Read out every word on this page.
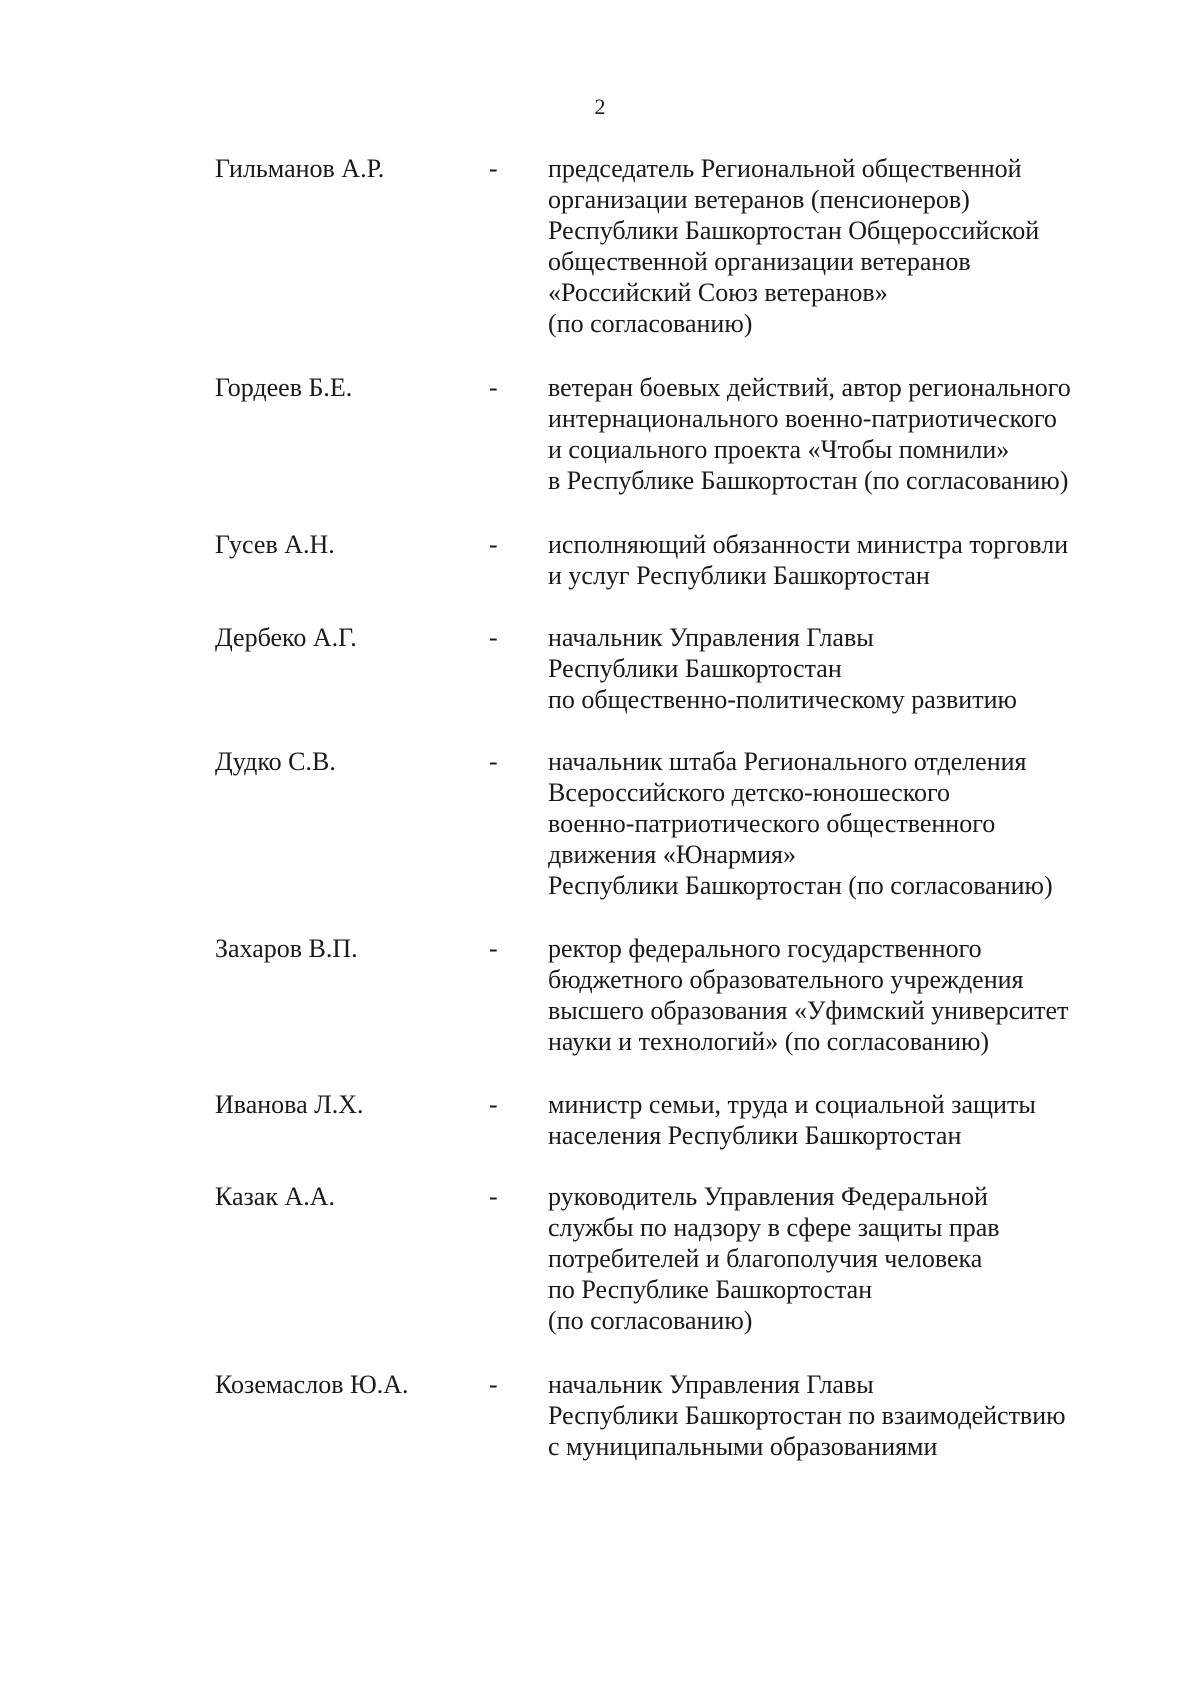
2
Гильманов А.Р.	- председатель Региональной общественной
организации ветеранов (пенсионеров)
Республики Башкортостан Общероссийской
общественной организации ветеранов
«Российский Союз ветеранов»
(по согласованию)
Гордеев Б.Е.	- ветеран боевых действий, автор регионального
интернационального военно-патриотического
и социального проекта «Чтобы помнили»
в Республике Башкортостан (по согласованию)
Гусев А.Н.	- исполняющий обязанности министра торговли
и услуг Республики Башкортостан
Дербеко А.Г.	- начальник Управления Главы
Республики Башкортостан
по общественно-политическому развитию
Дудко С.В.	- начальник штаба Регионального отделения
Всероссийского детско-юношеского
военно-патриотического общественного
движения «Юнармия»
Республики Башкортостан (по согласованию)
Захаров В.П.	- ректор федерального государственного
бюджетного образовательного учреждения
высшего образования «Уфимский университет
науки и технологий» (по согласованию)
Иванова Л.Х.	- министр семьи, труда и социальной защиты
населения Республики Башкортостан
Казак А.А.	- руководитель Управления Федеральной
службы по надзору в сфере защиты прав
потребителей и благополучия человека
по Республике Башкортостан
(по согласованию)
Коземаслов Ю.А.	- начальник Управления Главы
Республики Башкортостан по взаимодействию
с муниципальными образованиями
